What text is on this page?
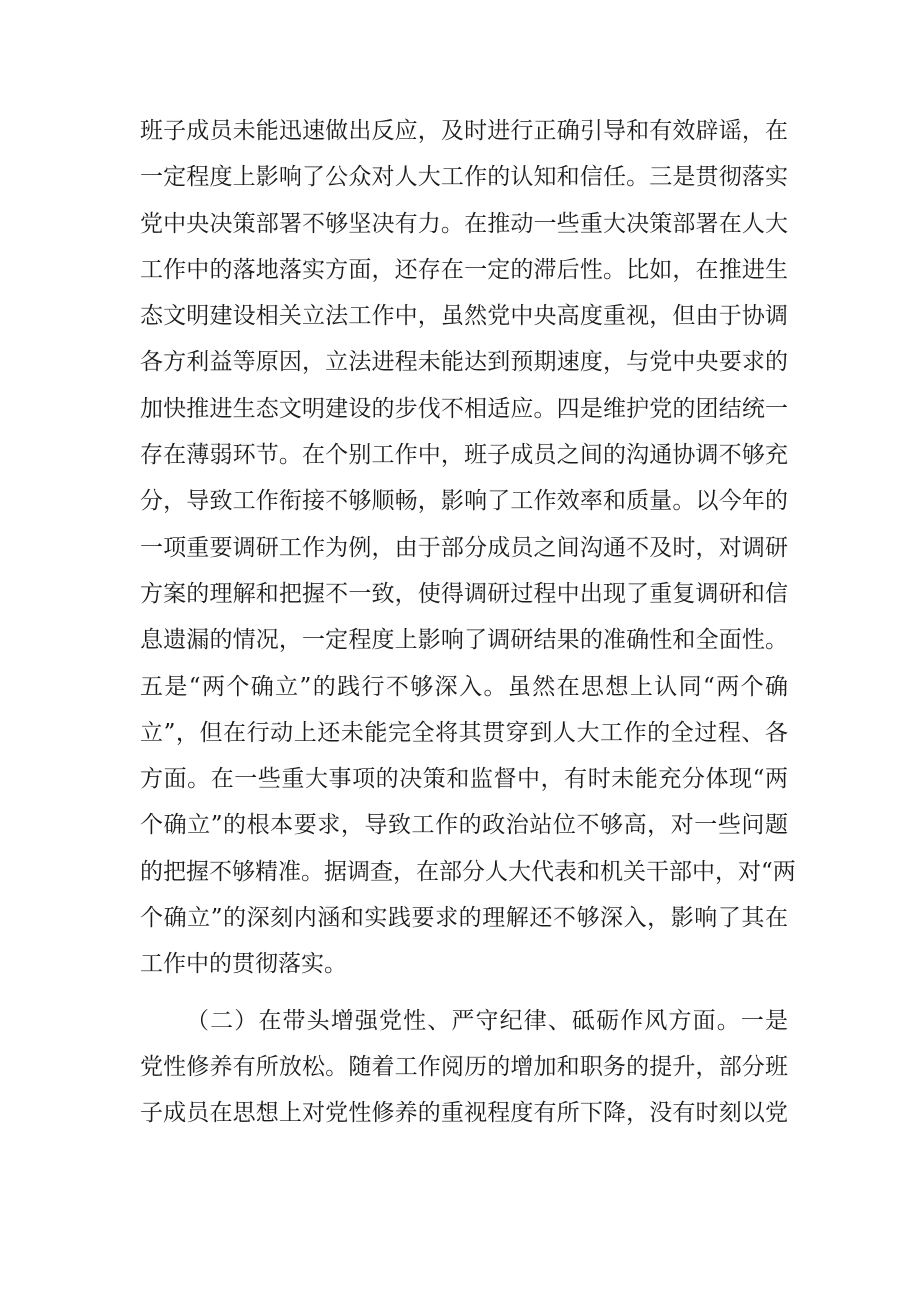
班子成员未能迅速做出反应，及时进行正确引导和有效辟谣，在
一定程度上影响了公众对人大工作的认知和信任。三是贯彻落实
党中央决策部署不够坚决有力。在推动一些重大决策部署在人大
工作中的落地落实方面，还存在一定的滞后性。比如，在推进生
态文明建设相关立法工作中，虽然党中央高度重视，但由于协调
各方利益等原因，立法进程未能达到预期速度，与党中央要求的
加快推进生态文明建设的步伐不相适应。四是维护党的团结统一
存在薄弱环节。在个别工作中，班子成员之间的沟通协调不够充
分，导致工作衔接不够顺畅，影响了工作效率和质量。以今年的
一项重要调研工作为例，由于部分成员之间沟通不及时，对调研
方案的理解和把握不一致，使得调研过程中出现了重复调研和信
息遗漏的情况，一定程度上影响了调研结果的准确性和全面性。
五是“两个确立”的践行不够深入。虽然在思想上认同“两个确
立”，但在行动上还未能完全将其贯穿到人大工作的全过程、各
方面。在一些重大事项的决策和监督中，有时未能充分体现“两
个确立”的根本要求，导致工作的政治站位不够高，对一些问题
的把握不够精准。据调查，在部分人大代表和机关干部中，对“两
个确立”的深刻内涵和实践要求的理解还不够深入，影响了其在
工作中的贯彻落实。
（二）在带头增强党性、严守纪律、砥砺作风方面。一是
党性修养有所放松。随着工作阅历的增加和职务的提升，部分班
子成员在思想上对党性修养的重视程度有所下降，没有时刻以党
